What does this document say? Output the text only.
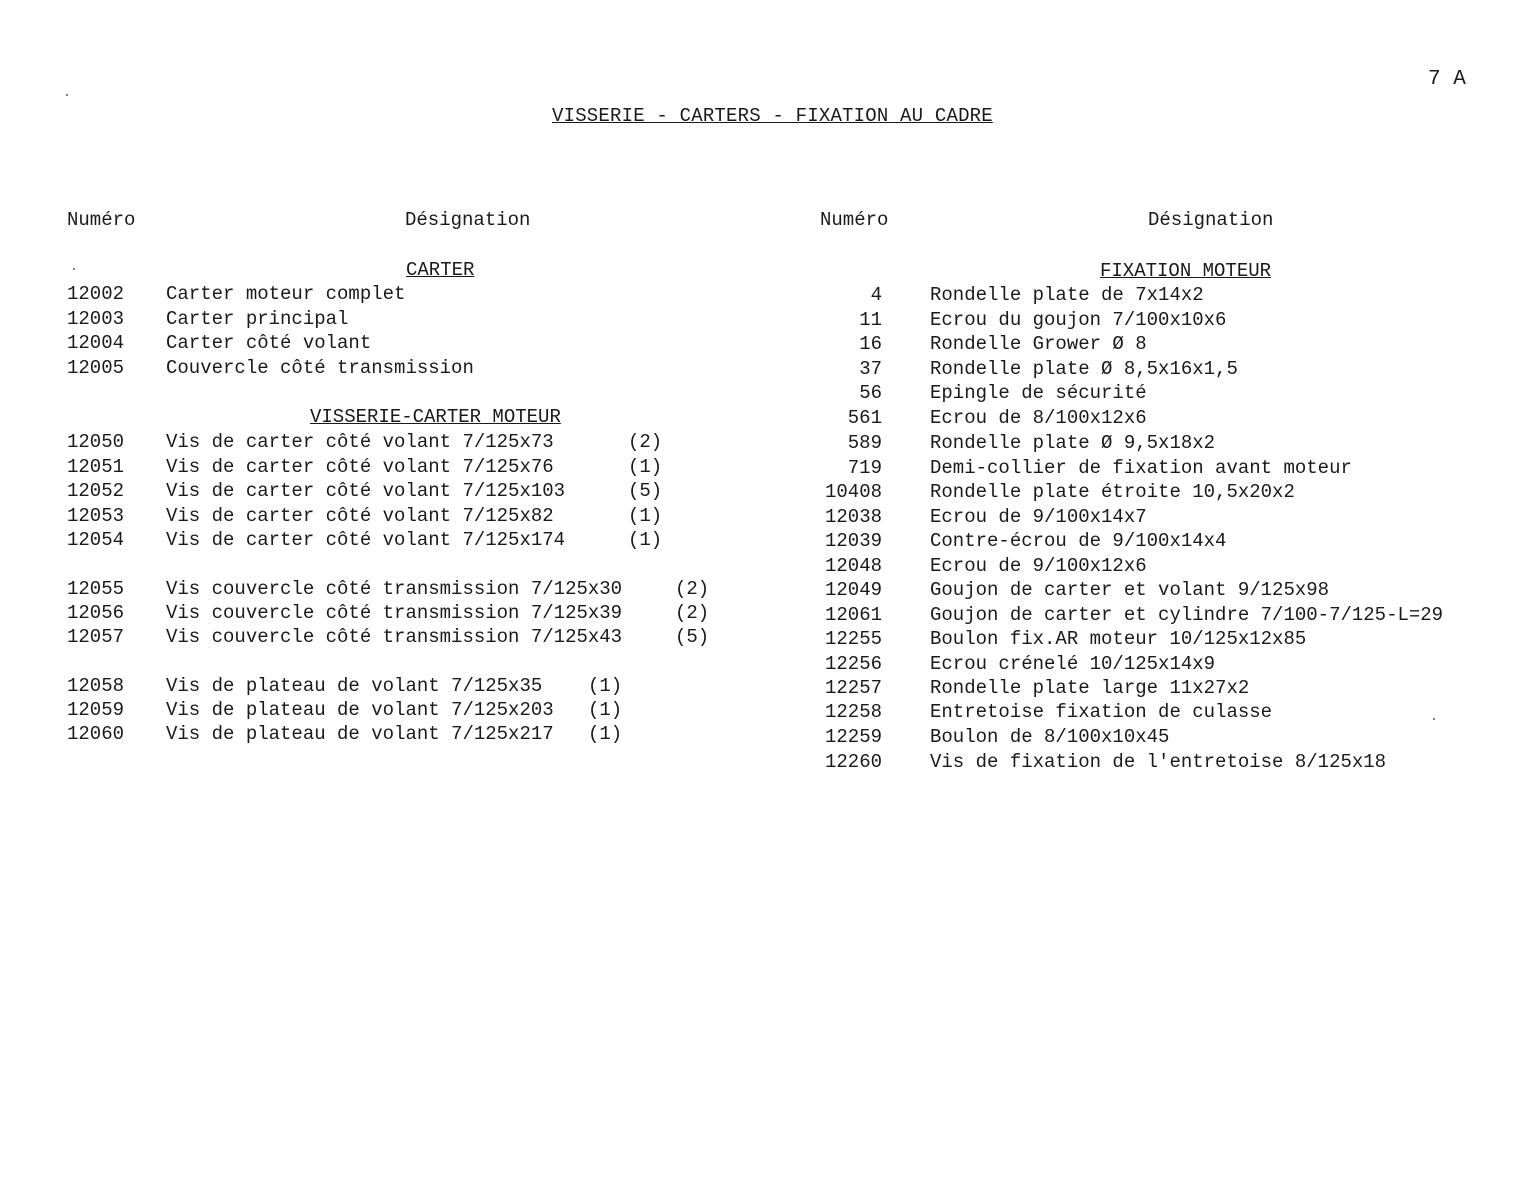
7 A
VISSERIE - CARTERS - FIXATION AU CADRE
Numéro	Désignation	Numéro	Désignation
CARTER
VISSERIE-CARTER MOTEUR
FIXATION MOTEUR
12002	Carter moteur complet
12003	Carter principal
12004	Carter côté volant
12005	Couvercle côté transmission
12050	Vis de carter côté volant 7/125x73	(2)
12051	Vis de carter côté volant 7/125x76	(1)
12052	Vis de carter côté volant 7/125x103	(5)
12053	Vis de carter côté volant 7/125x82	(1)
12054	Vis de carter côté volant 7/125x174	(1)
12055	Vis couvercle côté transmission 7/125x30	(2)
12056	Vis couvercle côté transmission 7/125x39	(2)
12057	Vis couvercle côté transmission 7/125x43	(5)
12058	Vis de plateau de volant 7/125x35 (1)
12059	Vis de plateau de volant 7/125x203 (1)
12060	Vis de plateau de volant 7/125x217 (1)
4	Rondelle plate de 7x14x2
11	Ecrou du goujon 7/100x10x6
16	Rondelle Grower Ø 8
37	Rondelle plate Ø 8,5x16x1,5
56	Epingle de sécurité
561	Ecrou de 8/100x12x6
589	Rondelle plate Ø 9,5x18x2
719	Demi-collier de fixation avant moteur
10408	Rondelle plate étroite 10,5x20x2
12038	Ecrou de 9/100x14x7
12039	Contre-écrou de 9/100x14x4
12048	Ecrou de 9/100x12x6
12049	Goujon de carter et volant 9/125x98
12061	Goujon de carter et cylindre 7/100-7/125-L=29
12255	Boulon fix.AR moteur 10/125x12x85
12256	Ecrou crénelé 10/125x14x9
12257	Rondelle plate large 11x27x2
12258	Entretoise fixation de culasse
12259	Boulon de 8/100x10x45
12260	Vis de fixation de l'entretoise 8/125x18
